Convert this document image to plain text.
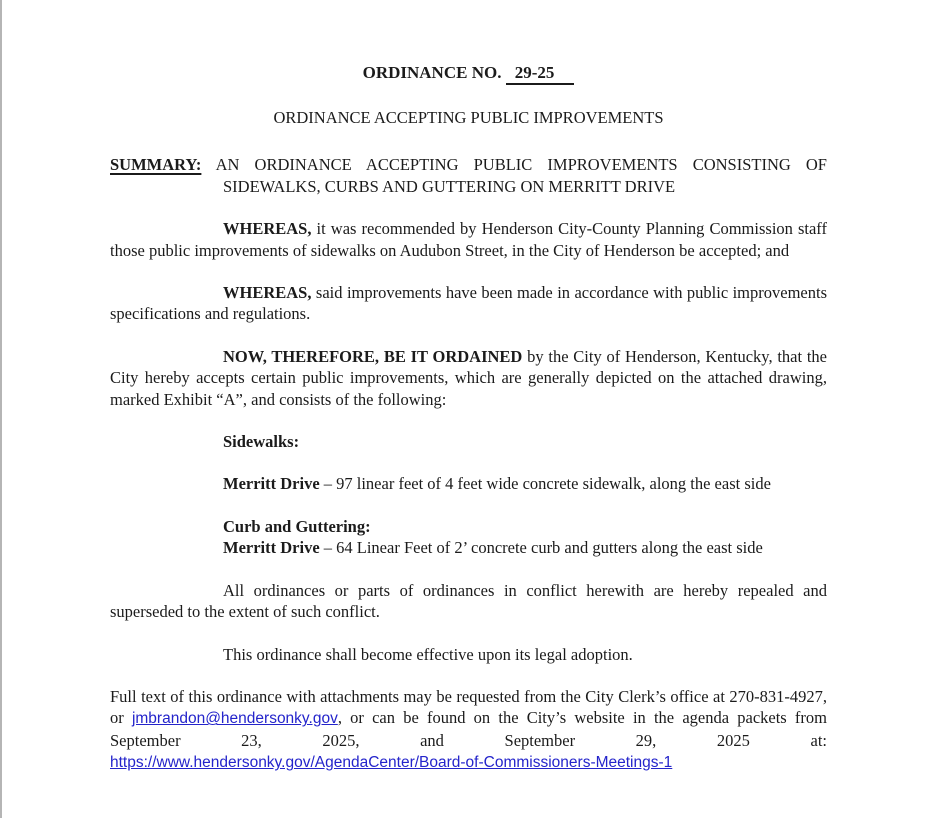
ORDINANCE NO. 29-25

ORDINANCE ACCEPTING PUBLIC IMPROVEMENTS

SUMMARY: AN ORDINANCE ACCEPTING PUBLIC IMPROVEMENTS CONSISTING OF SIDEWALKS, CURBS AND GUTTERING ON MERRITT DRIVE

WHEREAS, it was recommended by Henderson City-County Planning Commission staff those public improvements of sidewalks on Audubon Street, in the City of Henderson be accepted; and

WHEREAS, said improvements have been made in accordance with public improvements specifications and regulations.

NOW, THEREFORE, BE IT ORDAINED by the City of Henderson, Kentucky, that the City hereby accepts certain public improvements, which are generally depicted on the attached drawing, marked Exhibit “A”, and consists of the following:

Sidewalks:

Merritt Drive – 97 linear feet of 4 feet wide concrete sidewalk, along the east side

Curb and Guttering:

Merritt Drive – 64 Linear Feet of 2’ concrete curb and gutters along the east side

All ordinances or parts of ordinances in conflict herewith are hereby repealed and superseded to the extent of such conflict.

This ordinance shall become effective upon its legal adoption.

Full text of this ordinance with attachments may be requested from the City Clerk’s office at 270-831-4927, or jmbrandon@hendersonky.gov, or can be found on the City’s website in the agenda packets from September 23, 2025, and September 29, 2025 at: https://www.hendersonky.gov/AgendaCenter/Board-of-Commissioners-Meetings-1
